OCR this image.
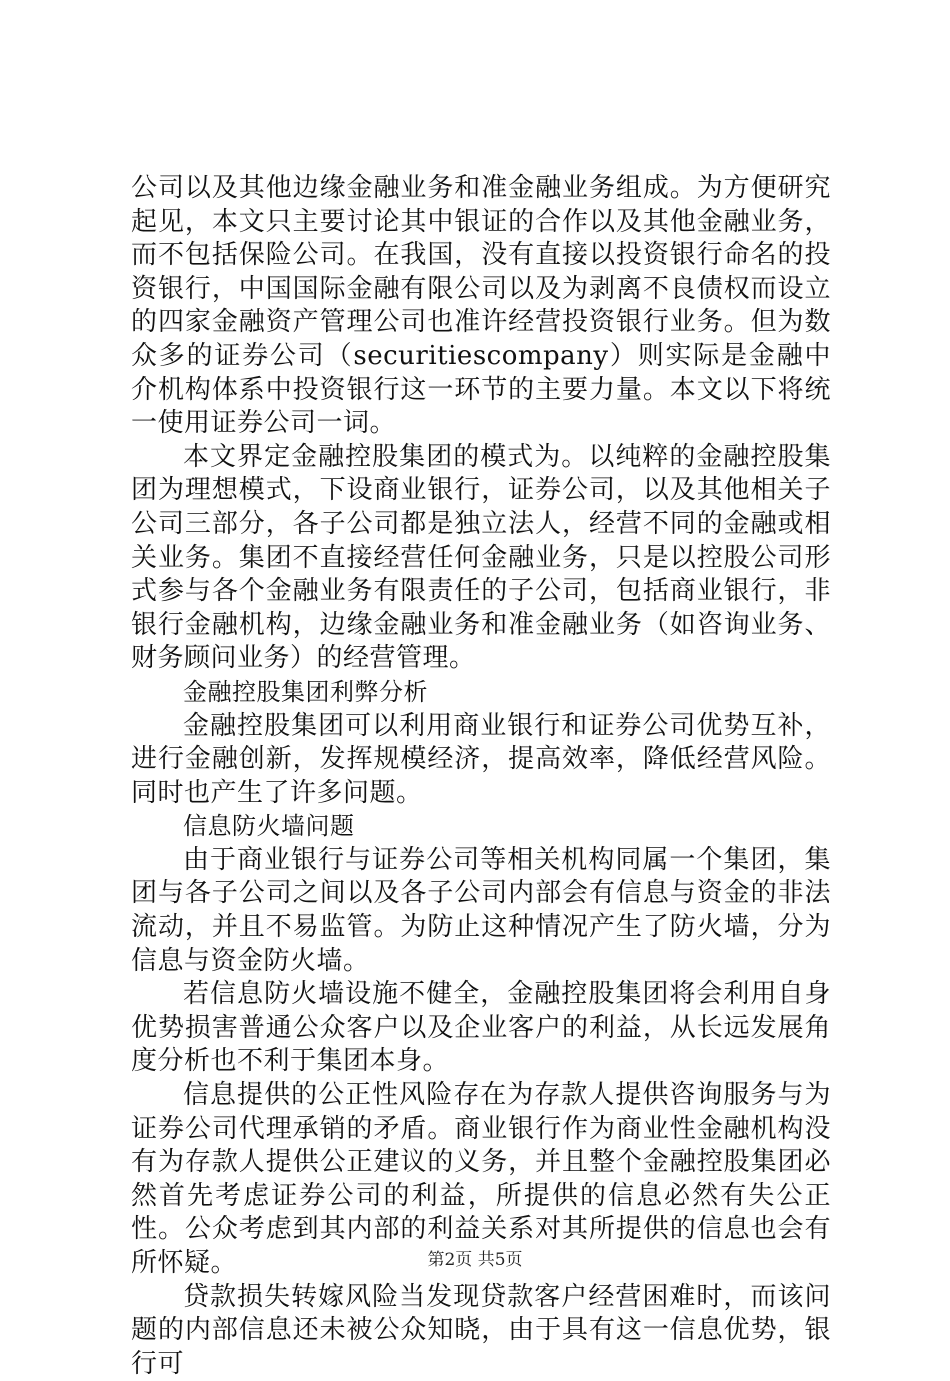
公司以及其他边缘金融业务和准金融业务组成。为方便研究起见，本文只主要讨论其中银证的合作以及其他金融业务，而不包括保险公司。在我国，没有直接以投资银行命名的投资银行，中国国际金融有限公司以及为剥离不良债权而设立的四家金融资产管理公司也准许经营投资银行业务。但为数众多的证券公司（securitiescompany）则实际是金融中介机构体系中投资银行这一环节的主要力量。本文以下将统一使用证券公司一词。

本文界定金融控股集团的模式为。以纯粹的金融控股集团为理想模式，下设商业银行，证券公司，以及其他相关子公司三部分，各子公司都是独立法人，经营不同的金融或相关业务。集团不直接经营任何金融业务，只是以控股公司形式参与各个金融业务有限责任的子公司，包括商业银行，非银行金融机构，边缘金融业务和准金融业务（如咨询业务、财务顾问业务）的经营管理。

金融控股集团利弊分析

金融控股集团可以利用商业银行和证券公司优势互补，进行金融创新，发挥规模经济，提高效率，降低经营风险。同时也产生了许多问题。

信息防火墙问题

由于商业银行与证券公司等相关机构同属一个集团，集团与各子公司之间以及各子公司内部会有信息与资金的非法流动，并且不易监管。为防止这种情况产生了防火墙，分为信息与资金防火墙。

若信息防火墙设施不健全，金融控股集团将会利用自身优势损害普通公众客户以及企业客户的利益，从长远发展角度分析也不利于集团本身。

信息提供的公正性风险存在为存款人提供咨询服务与为证券公司代理承销的矛盾。商业银行作为商业性金融机构没有为存款人提供公正建议的义务，并且整个金融控股集团必然首先考虑证券公司的利益，所提供的信息必然有失公正性。公众考虑到其内部的利益关系对其所提供的信息也会有所怀疑。

贷款损失转嫁风险当发现贷款客户经营困难时，而该问题的内部信息还未被公众知晓，由于具有这一信息优势，银行可

第2页 共5页
